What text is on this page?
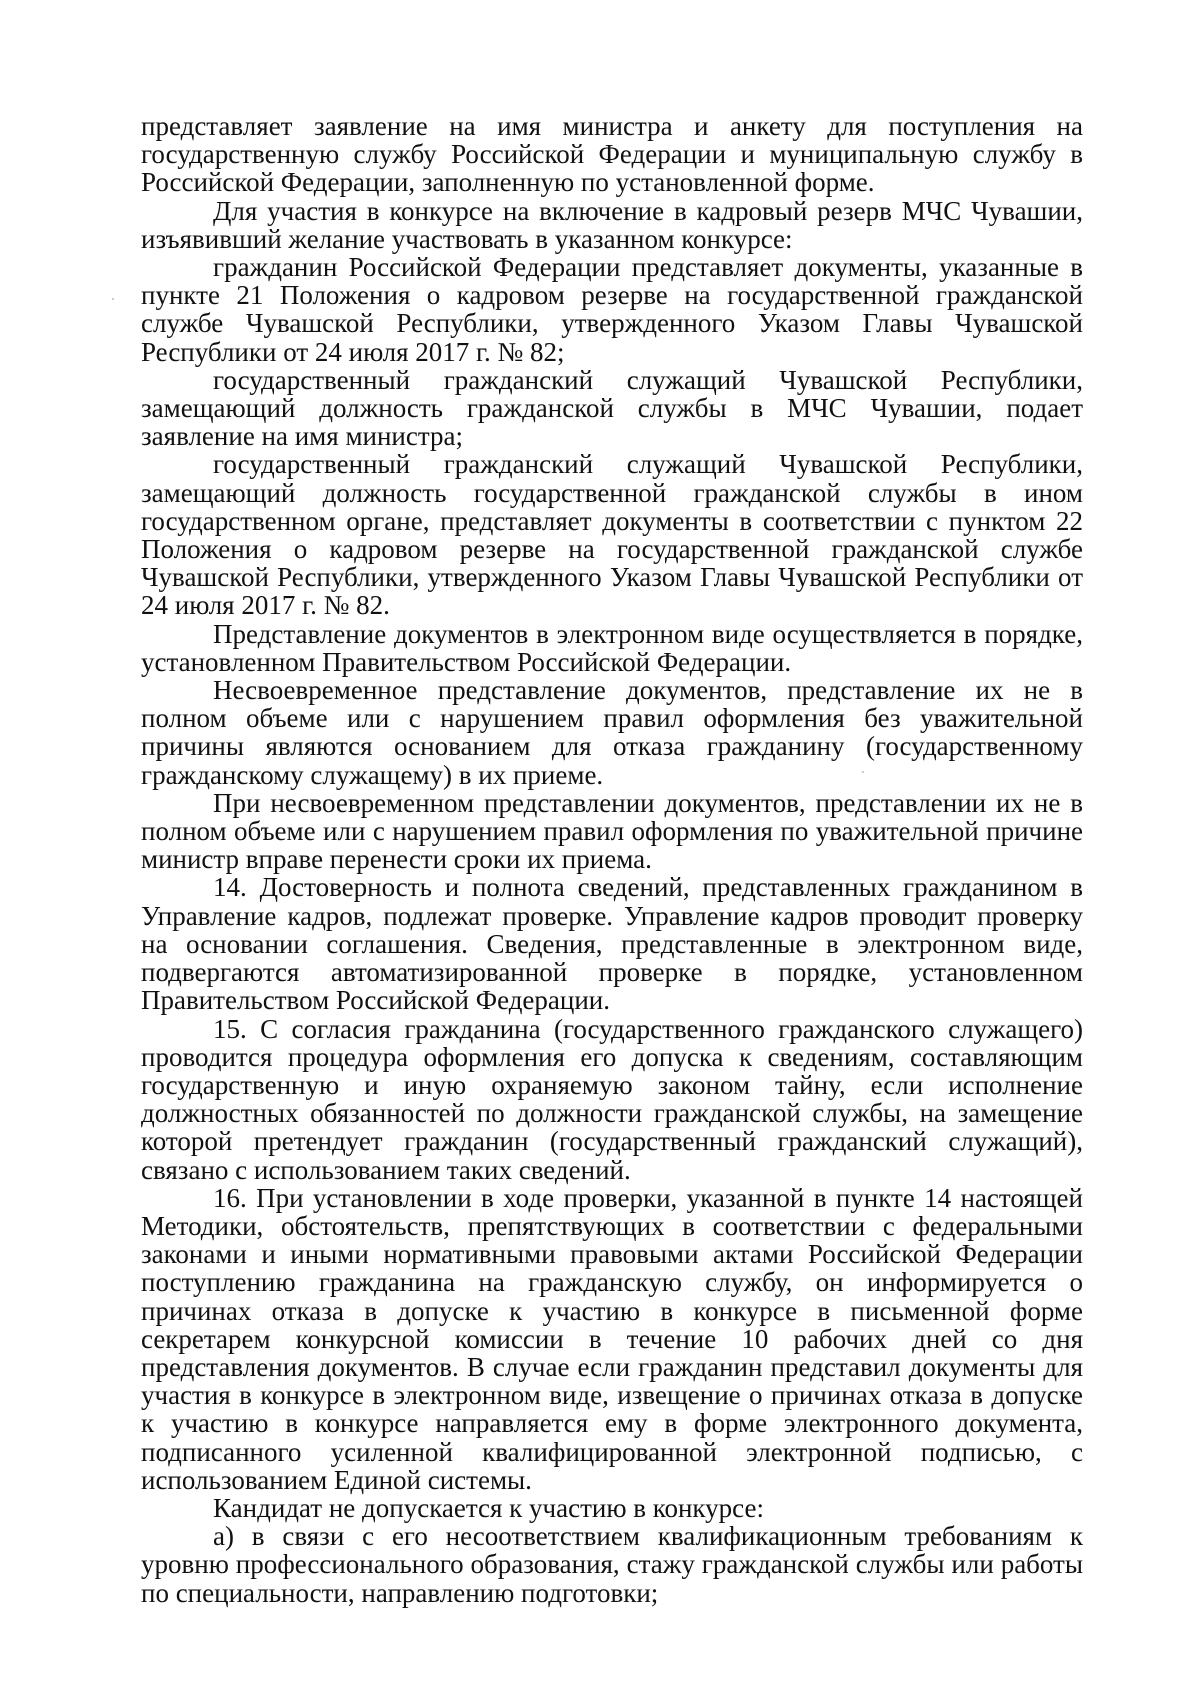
представляет заявление на имя министра и анкету для поступления на государственную службу Российской Федерации и муниципальную службу в Российской Федерации, заполненную по установленной форме.

Для участия в конкурсе на включение в кадровый резерв МЧС Чувашии, изъявивший желание участвовать в указанном конкурсе:

гражданин Российской Федерации представляет документы, указанные в пункте 21 Положения о кадровом резерве на государственной гражданской службе Чувашской Республики, утвержденного Указом Главы Чувашской Республики от 24 июля 2017 г. № 82;

государственный гражданский служащий Чувашской Республики, замещающий должность гражданской службы в МЧС Чувашии, подает заявление на имя министра;

государственный гражданский служащий Чувашской Республики, замещающий должность государственной гражданской службы в ином государственном органе, представляет документы в соответствии с пунктом 22 Положения о кадровом резерве на государственной гражданской службе Чувашской Республики, утвержденного Указом Главы Чувашской Республики от 24 июля 2017 г. № 82.

Представление документов в электронном виде осуществляется в порядке, установленном Правительством Российской Федерации.

Несвоевременное представление документов, представление их не в полном объеме или с нарушением правил оформления без уважительной причины являются основанием для отказа гражданину (государственному гражданскому служащему) в их приеме.

При несвоевременном представлении документов, представлении их не в полном объеме или с нарушением правил оформления по уважительной причине министр вправе перенести сроки их приема.

14. Достоверность и полнота сведений, представленных гражданином в Управление кадров, подлежат проверке. Управление кадров проводит проверку на основании соглашения. Сведения, представленные в электронном виде, подвергаются автоматизированной проверке в порядке, установленном Правительством Российской Федерации.

15. С согласия гражданина (государственного гражданского служащего) проводится процедура оформления его допуска к сведениям, составляющим государственную и иную охраняемую законом тайну, если исполнение должностных обязанностей по должности гражданской службы, на замещение которой претендует гражданин (государственный гражданский служащий), связано с использованием таких сведений.

16. При установлении в ходе проверки, указанной в пункте 14 настоящей Методики, обстоятельств, препятствующих в соответствии с федеральными законами и иными нормативными правовыми актами Российской Федерации поступлению гражданина на гражданскую службу, он информируется о причинах отказа в допуске к участию в конкурсе в письменной форме секретарем конкурсной комиссии в течение 10 рабочих дней со дня представления документов. В случае если гражданин представил документы для участия в конкурсе в электронном виде, извещение о причинах отказа в допуске к участию в конкурсе направляется ему в форме электронного документа, подписанного усиленной квалифицированной электронной подписью, с использованием Единой системы.

Кандидат не допускается к участию в конкурсе:

а) в связи с его несоответствием квалификационным требованиям к уровню профессионального образования, стажу гражданской службы или работы по специальности, направлению подготовки;
